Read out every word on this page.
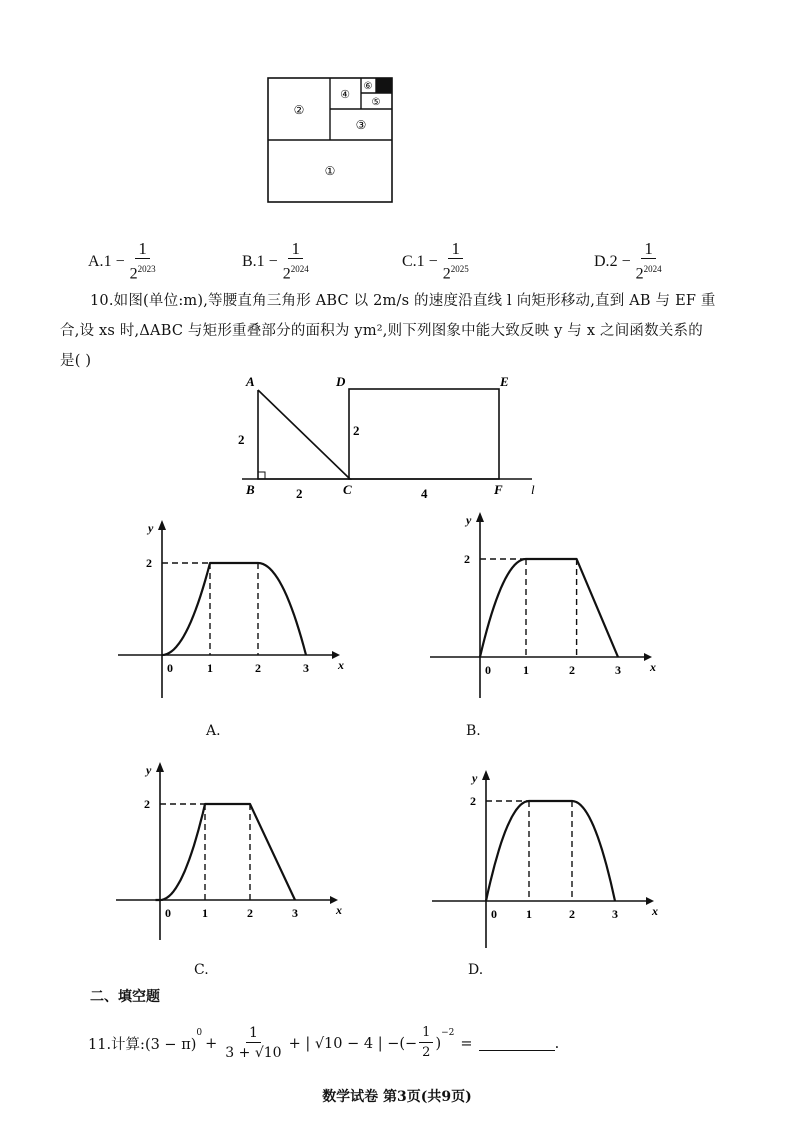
②
④
⑥
⑤
③
①
A. $1 - \frac{1}{2^{2023}}$	B. $1 - \frac{1}{2^{2024}}$	C. $1 - \frac{1}{2^{2025}}$	D. $2 - \frac{1}{2^{2024}}$
10.如图(单位:m),等腰直角三角形 ABC 以 2m/s 的速度沿直线 l 向矩形移动,直到 AB 与 EF 重
合,设 xs 时,ΔABC 与矩形重叠部分的面积为 ym²,则下列图象中能大致反映 y 与 x 之间函数关系的
是( )
A
B	C
D	E
F l
2
2
2
4
y
x
2
0	1	2	3
A.
y
x
2
0	1	2	3
B.
y
x
2
0	1	2	3
C.
y
x
2
0 1	2	3
D.
二、填空题
11.计算:(3 − π)
$^0$
+ $\frac{1}{3 + √10}$ + | √10 − 4 | −(− $\frac{1}{2}$ )
$^{-2}$
=	.
数学试卷 第3页(共9页)
